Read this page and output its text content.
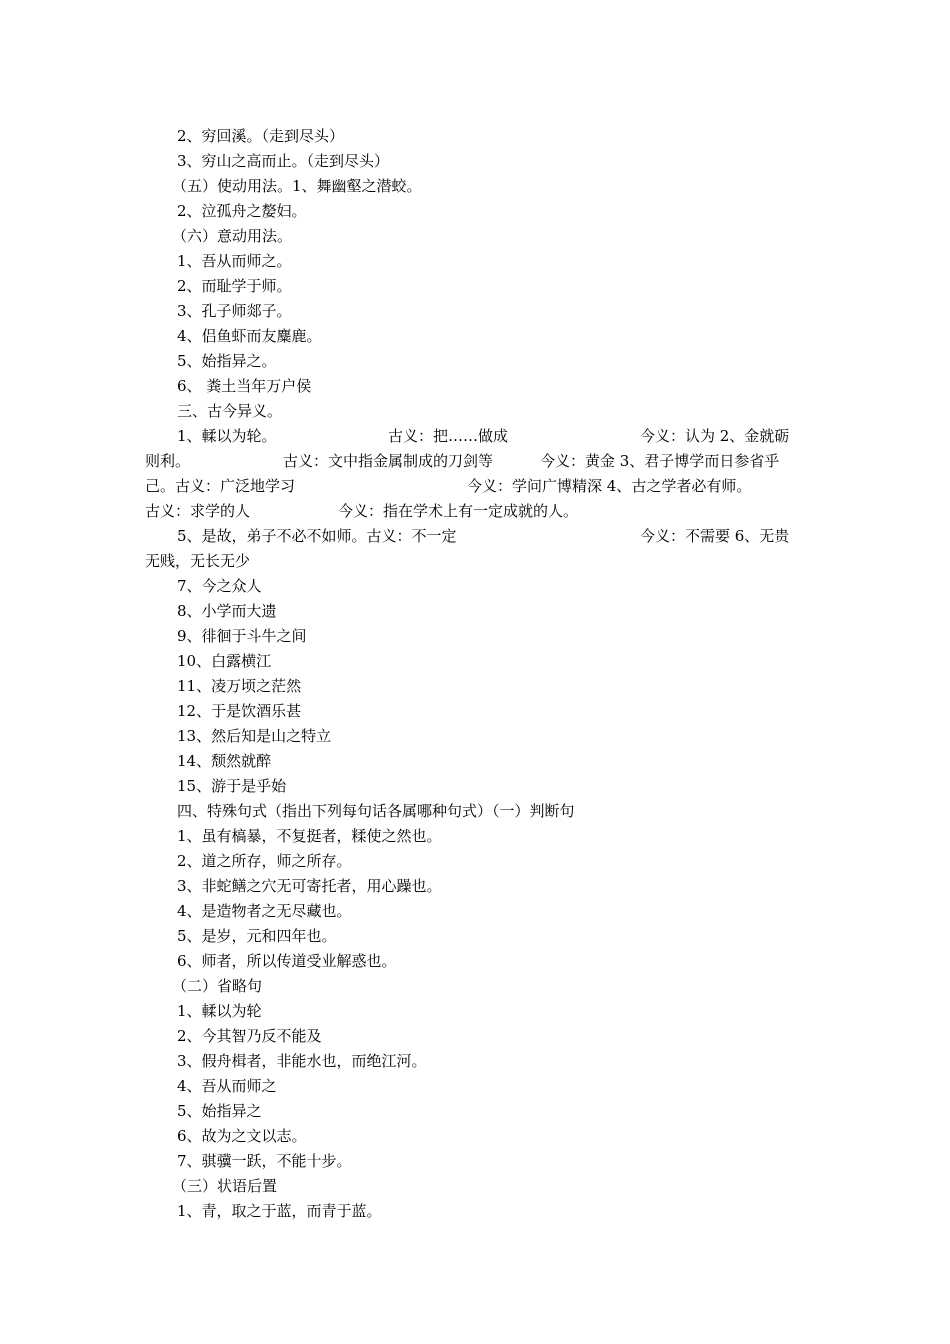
2、穷回溪。（走到尽头）
3、穷山之高而止。（走到尽头）
（五）使动用法。1、舞幽壑之潜蛟。
2、泣孤舟之嫠妇。
（六）意动用法。
1、吾从而师之。
2、而耻学于师。
3、孔子师郯子。
4、侣鱼虾而友麋鹿。
5、始指异之。
6、 粪土当年万户侯
三、古今异义。
1、輮以为轮。	古义：把……做成	今义：认为 2、金就砺
则利。	古义：文中指金属制成的刀剑等	今义：黄金 3、君子博学而日参省乎
己。古义：广泛地学习	今义：学问广博精深 4、古之学者必有师。
古义：求学的人	今义：指在学术上有一定成就的人。
5、是故，弟子不必不如师。古义：不一定	今义：不需要 6、无贵
无贱，无长无少
7、今之众人
8、小学而大遗
9、徘徊于斗牛之间
10、白露横江
11、凌万顷之茫然
12、于是饮酒乐甚
13、然后知是山之特立
14、颓然就醉
15、游于是乎始
四、特殊句式（指出下列每句话各属哪种句式）（一）判断句
1、虽有槁暴，不复挺者，糅使之然也。
2、道之所存，师之所存。
3、非蛇鳝之穴无可寄托者，用心躁也。
4、是造物者之无尽藏也。
5、是岁，元和四年也。
6、师者，所以传道受业解惑也。
（二）省略句
1、輮以为轮
2、今其智乃反不能及
3、假舟楫者，非能水也，而绝江河。
4、吾从而师之
5、始指异之
6、故为之文以志。
7、骐骥一跃，不能十步。
（三）状语后置
1、青，取之于蓝，而青于蓝。
